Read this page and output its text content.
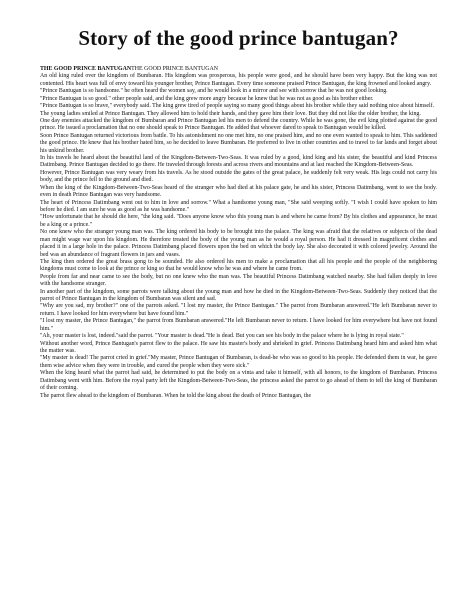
Story of the good prince bantugan?

THE GOOD PRINCE BANTUGANTHE GOOD PRINCE BANTUGAN

An old king ruled over the kingdom of Bumbaran. His kingdom was prosperous, his people were good, and he should have been very happy. But the king was not contented. His heart was full of envy toward his younger brother, Prince Bantugan. Every time someone praised Prince Bantugan, the king frowned and looked angry.

"Prince Bantugan is so handsome." he often heard the women say, and he would look in a mirror and see with sorrow that he was not good looking.

"Prince Bantugan is so good." other people said, and the king grew more angry because he knew that he was not as good as his brother either.

"Prince Bantugan is so brave," everybody said. The king grew tired of people saying so many good things about his brother while they said nothing nice about himself.

The young ladies smiled at Prince Bantugan. They allowed him to hold their hands, and they gave him their love. But they did not like the older brother, the king.

One day enemies attacked the kingdom of Bumbaran and Prince Bantugan led his men to defend the country. While he was gone, the evil king plotted against the good prince. He issued a proclamation that no one should speak to Prince Bantugan. He added that whoever dared to speak to Bantugan would be killed.

Soon Prince Bantugan returned victorious from battle. To his astonishment no one met him, no one praised him, and no one even wanted to speak to him. This saddened the good prince. He knew that his brother hated him, so he decided to leave Bumbaran. He preferred to live in other countries and to travel to far lands and forget about his unkind brother.

In his travels he heard about the beautiful land of the Kingdom-Between-Two-Seas. It was ruled by a good, kind king and his sister, the beautiful and kind Princess Datimbang. Prince Bantugan decided to go there. He traveled through forests and across rivers and mountains and at last reached the Kingdom-Between-Seas.

However, Prince Bantugan was very weary from his travels. As he stood outside the gates of the great palace, he suddenly felt very weak. His legs could not carry his body, and the prince fell to the ground and died.

When the king of the Kingdom-Between-Two-Seas heard of the stranger who had died at his palace gate, he and his sister, Princess Datimbang, went to see the body. even in death Prince Bantugan was very handsome.

The heart of Princess Datimbang went out to him in love and sorrow." What a handsome young man, "She said weeping softly. "I wish I could have spoken to him before he died. I am sure he was as good as he was handsome."

"How unfortunate that he should die here, "the king said. "Does anyone know who this young man is and where he came from? By his clothes and appearance, he must be a king or a prince."

No one knew who the stranger young man was. The king ordered his body to be brought into the palace. The king was afraid that the relatives or subjects of the dead man might wage war upon his kingdom. He therefore treated the body of the young man as he would a royal person. He had it dressed in magnificent clothes and placed it in a large hole in the palace. Princess Datimbang placed flowers upon the bed on which the body lay. She also decorated it with colored jewelry. Around the bed was an abundance of fragrant flowers in jars and vases.

The king then ordered the great brass gong to be sounded. He also ordered his men to make a proclamation that all his people and the people of the neighboring kingdoms must come to look at the prince or king so that he would know who he was and where he came from.

People from far and near came to see the body, but no one knew who the man was. The beautiful Princess Datimbang watched nearby. She had fallen deeply in love with the handsome stranger.

In another part of the kingdom, some parrots were talking about the young man and how he died in the Kingdom-Between-Two-Seas. Suddenly they noticed that the parrot of Prince Bantugan in the kingdom of Bumbaran was silent and sad.

"Why are you sad, my brother?" one of the parrots asked. "I lost my master, the Prince Bantugan." The parrot from Bumbaran answered."He left Bumbaran never to return. I have looked for him everywhere but have found him."

"I lost my master, the Prince Bantugan," the parrot from Bumbaran answered."He left Bumbaran never to return. I have looked for him everywhere but have not found him."

"Ah, your master is lost, indeed."said the parrot. "Your master is dead."He is dead. But you can see his body in the palace where he is lying in royal state."

Without another word, Prince Bantugan's parrot flew to the palace. He saw his master's body and shrieked in grief. Princess Datimbang heard him and asked him what the matter was.

"My master is dead! The parrot cried in grief."My master, Prince Bantugan of Bumbaran, is dead-he who was so good to his people. He defended them in war, he gave them wise advice when they were in trouble, and cured the people when they were sick."

When the king heard what the parrot had said, he determined to put the body on a vinta and take it himself, with all honors, to the kingdom of Bumbaran. Princess Datimbang went with him. Before the royal party left the Kingdom-Between-Two-Seas, the princess asked the parrot to go ahead of them to tell the king of Bumbaran of their coming.

The parrot flew ahead to the kingdom of Bumbaran. When he told the king about the death of Prince Bantugan, the
